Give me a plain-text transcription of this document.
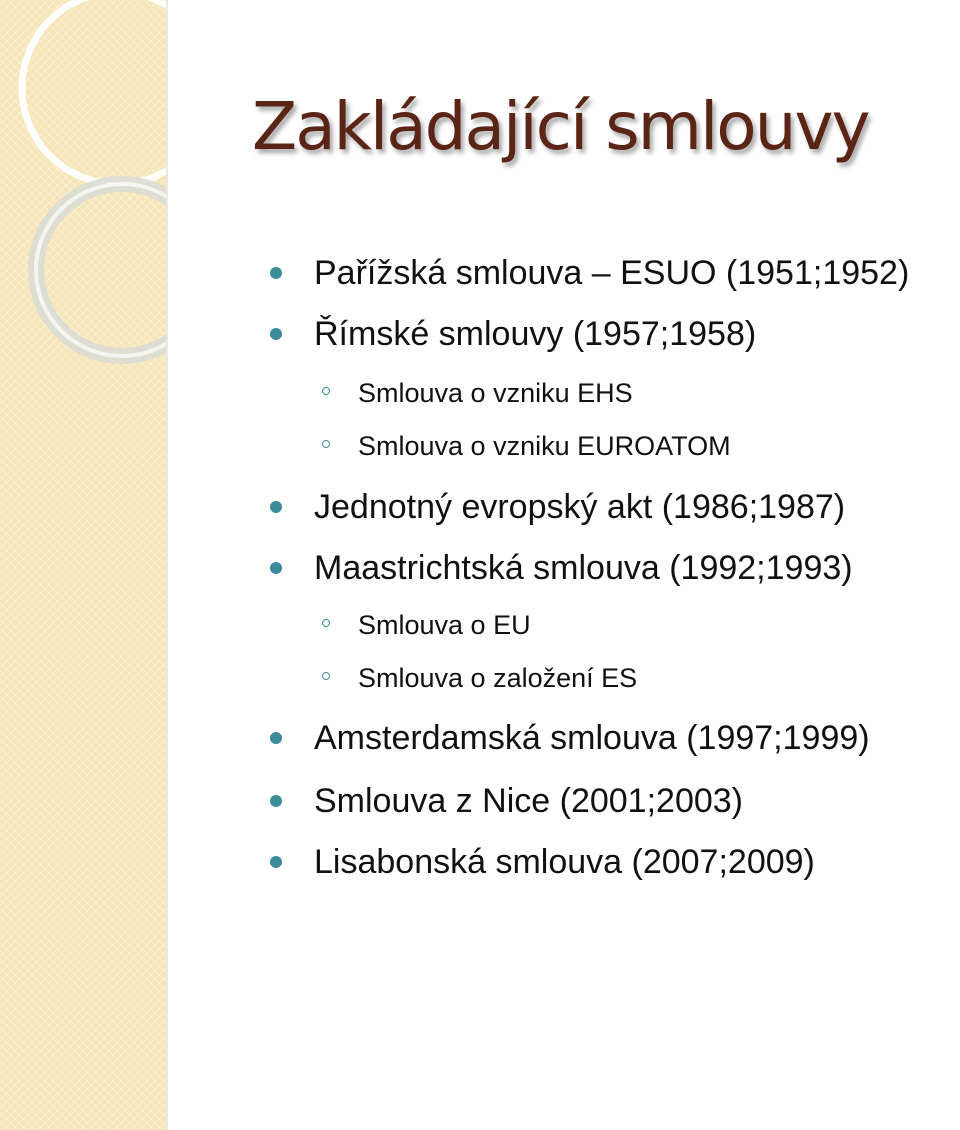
Zakládající smlouvy
Pařížská smlouva – ESUO (1951;1952)
Římské smlouvy (1957;1958)
Smlouva o vzniku EHS
Smlouva o vzniku EUROATOM
Jednotný evropský akt (1986;1987)
Maastrichtská smlouva (1992;1993)
Smlouva o EU
Smlouva o založení ES
Amsterdamská smlouva (1997;1999)
Smlouva z Nice (2001;2003)
Lisabonská smlouva (2007;2009)
